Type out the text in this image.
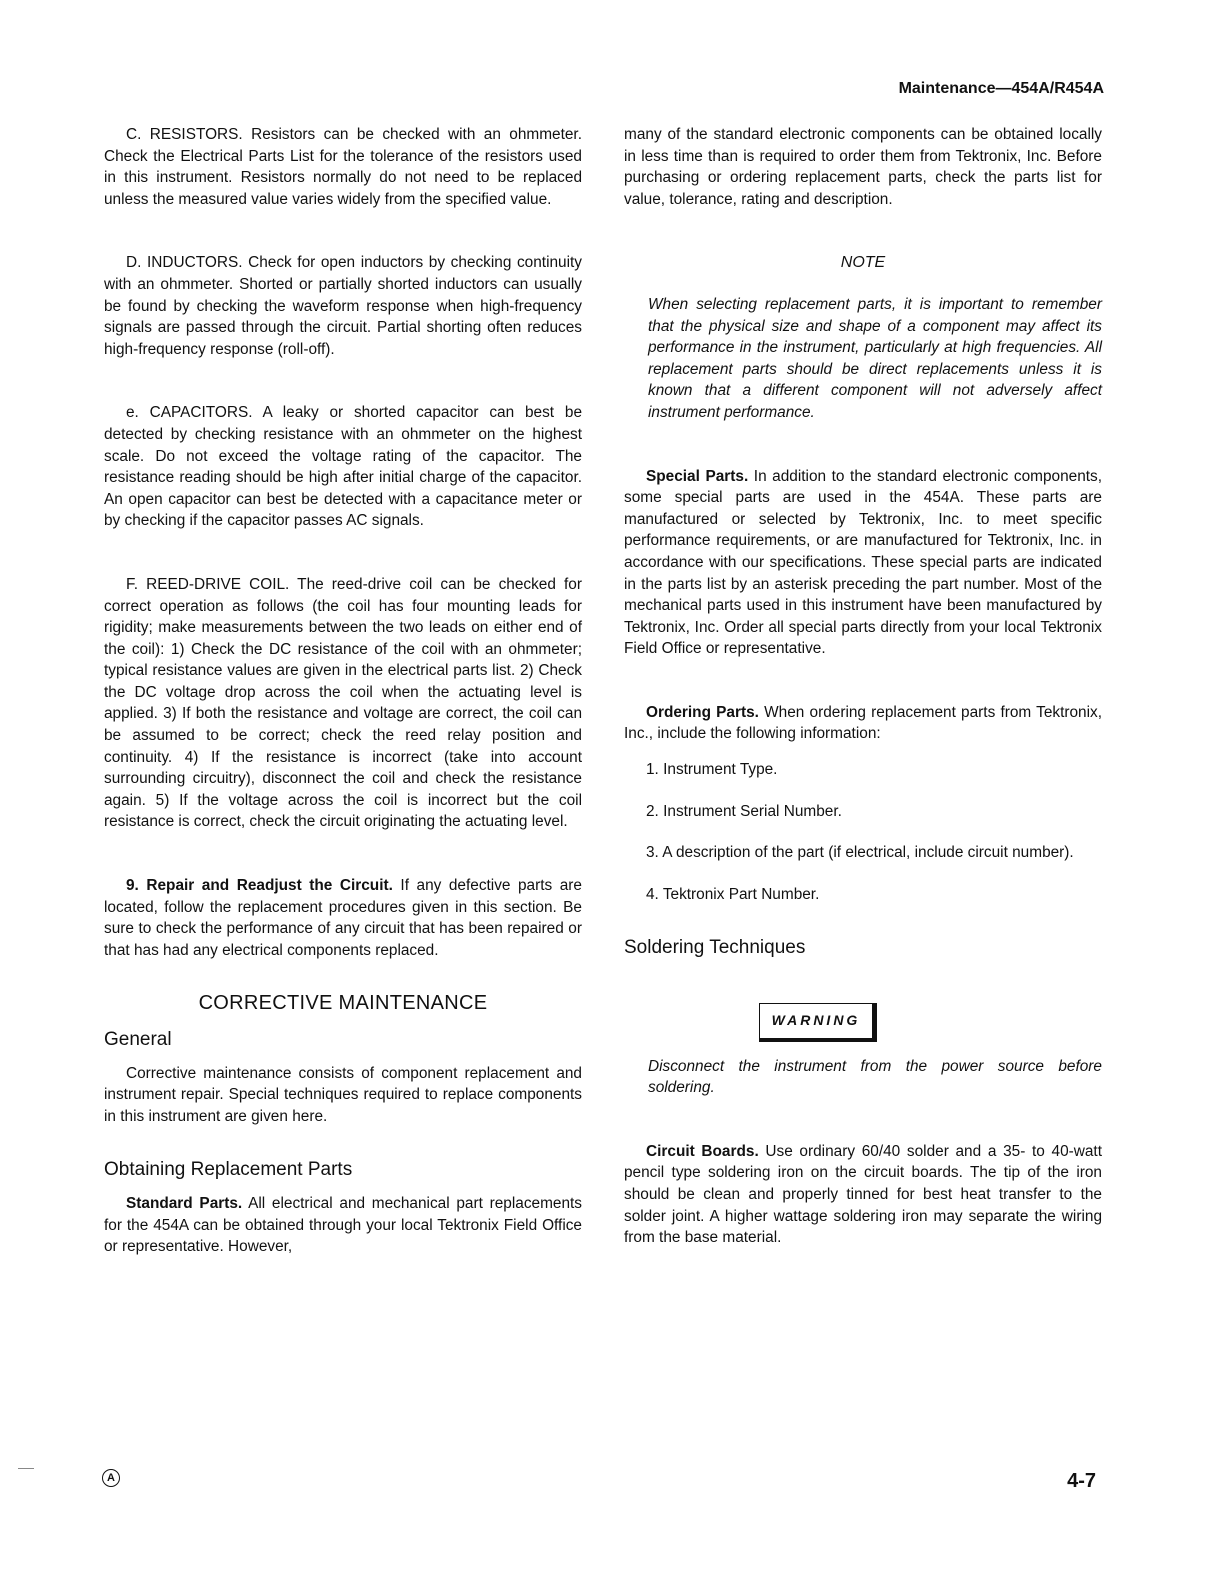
Maintenance—454A/R454A

C. RESISTORS. Resistors can be checked with an ohmmeter. Check the Electrical Parts List for the tolerance of the resistors used in this instrument. Resistors normally do not need to be replaced unless the measured value varies widely from the specified value.

D. INDUCTORS. Check for open inductors by checking continuity with an ohmmeter. Shorted or partially shorted inductors can usually be found by checking the waveform response when high-frequency signals are passed through the circuit. Partial shorting often reduces high-frequency response (roll-off).

e. CAPACITORS. A leaky or shorted capacitor can best be detected by checking resistance with an ohmmeter on the highest scale. Do not exceed the voltage rating of the capacitor. The resistance reading should be high after initial charge of the capacitor. An open capacitor can best be detected with a capacitance meter or by checking if the capacitor passes AC signals.

F. REED-DRIVE COIL. The reed-drive coil can be checked for correct operation as follows (the coil has four mounting leads for rigidity; make measurements between the two leads on either end of the coil): 1) Check the DC resistance of the coil with an ohmmeter; typical resistance values are given in the electrical parts list. 2) Check the DC voltage drop across the coil when the actuating level is applied. 3) If both the resistance and voltage are correct, the coil can be assumed to be correct; check the reed relay position and continuity. 4) If the resistance is incorrect (take into account surrounding circuitry), disconnect the coil and check the resistance again. 5) If the voltage across the coil is incorrect but the coil resistance is correct, check the circuit originating the actuating level.

9. Repair and Readjust the Circuit. If any defective parts are located, follow the replacement procedures given in this section. Be sure to check the performance of any circuit that has been repaired or that has had any electrical components replaced.

CORRECTIVE MAINTENANCE
General

Corrective maintenance consists of component replacement and instrument repair. Special techniques required to replace components in this instrument are given here.

Obtaining Replacement Parts

Standard Parts. All electrical and mechanical part replacements for the 454A can be obtained through your local Tektronix Field Office or representative. However,

many of the standard electronic components can be obtained locally in less time than is required to order them from Tektronix, Inc. Before purchasing or ordering replacement parts, check the parts list for value, tolerance, rating and description.

NOTE

When selecting replacement parts, it is important to remember that the physical size and shape of a component may affect its performance in the instrument, particularly at high frequencies. All replacement parts should be direct replacements unless it is known that a different component will not adversely affect instrument performance.

Special Parts. In addition to the standard electronic components, some special parts are used in the 454A. These parts are manufactured or selected by Tektronix, Inc. to meet specific performance requirements, or are manufactured for Tektronix, Inc. in accordance with our specifications. These special parts are indicated in the parts list by an asterisk preceding the part number. Most of the mechanical parts used in this instrument have been manufactured by Tektronix, Inc. Order all special parts directly from your local Tektronix Field Office or representative.

Ordering Parts. When ordering replacement parts from Tektronix, Inc., include the following information:

1. Instrument Type.

2. Instrument Serial Number.

3. A description of the part (if electrical, include circuit number).

4. Tektronix Part Number.

Soldering Techniques
WARNING

Disconnect the instrument from the power source before soldering.

Circuit Boards. Use ordinary 60/40 solder and a 35- to 40-watt pencil type soldering iron on the circuit boards. The tip of the iron should be clean and properly tinned for best heat transfer to the solder joint. A higher wattage soldering iron may separate the wiring from the base material.

A	4-7
